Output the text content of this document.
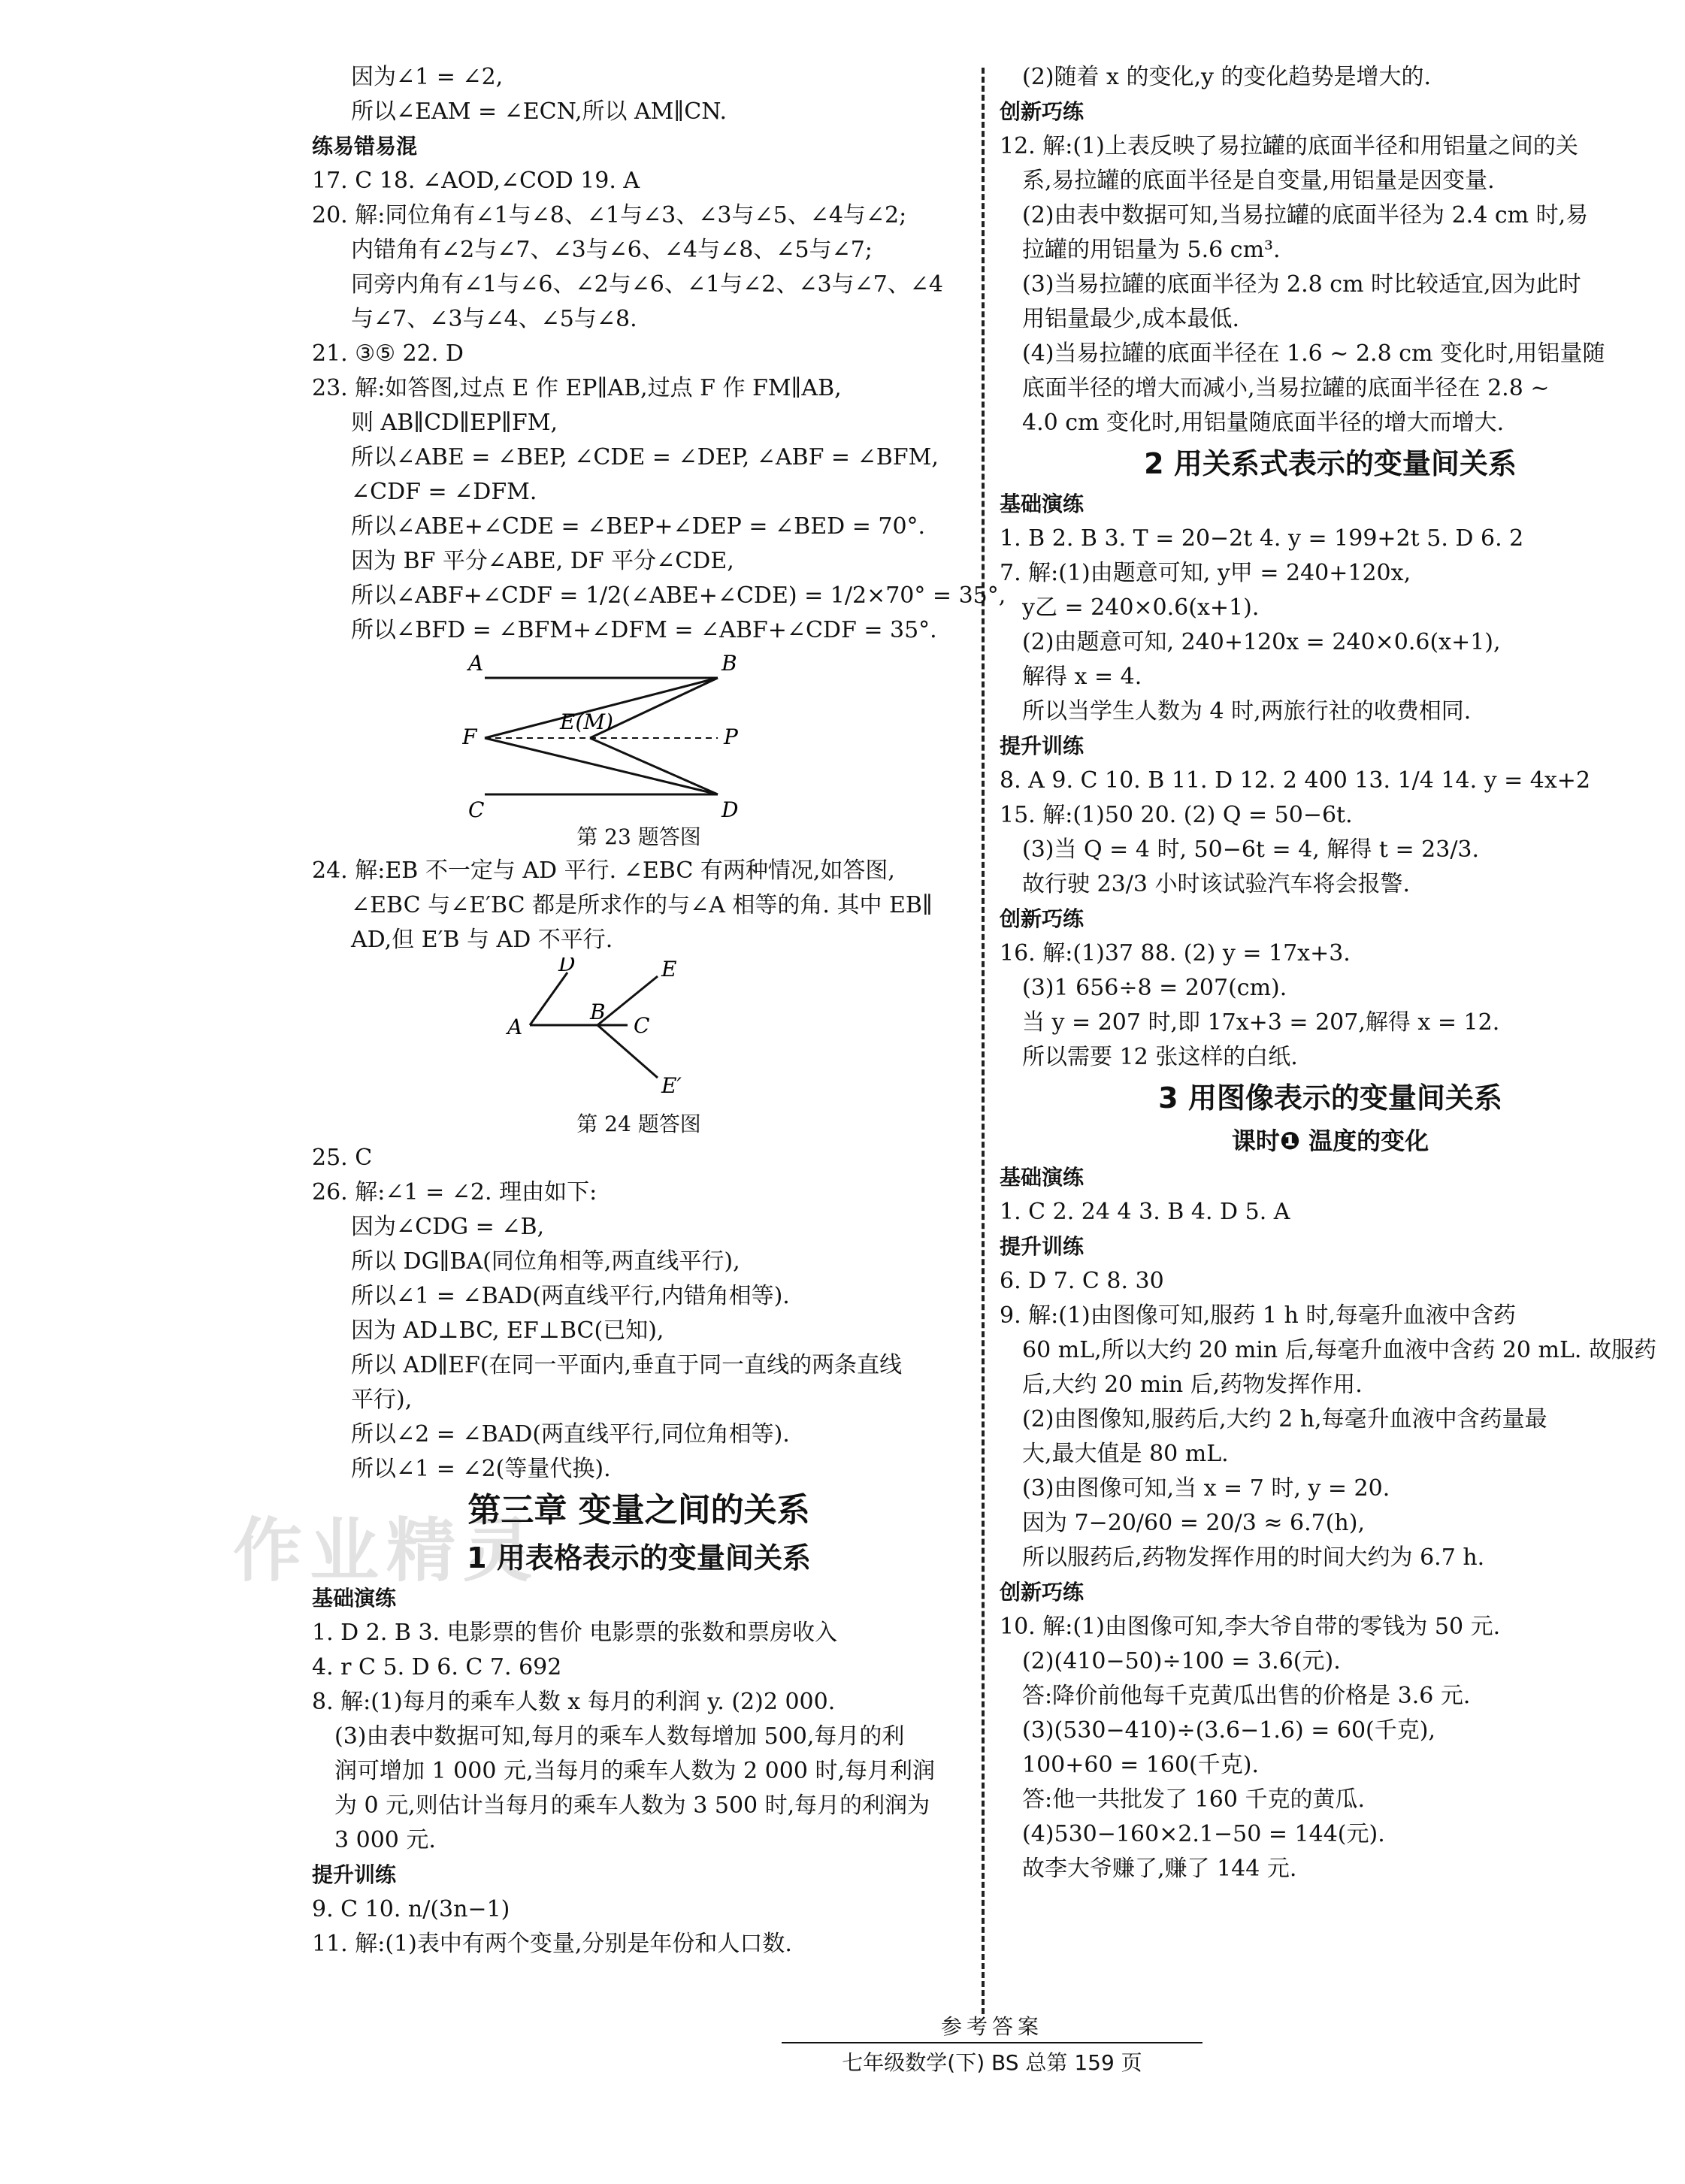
作业精灵
因为∠1 = ∠2,
所以∠EAM = ∠ECN,所以 AM∥CN.
练易错易混
17. C 18. ∠AOD,∠COD 19. A
20. 解:同位角有∠1与∠8、∠1与∠3、∠3与∠5、∠4与∠2;
内错角有∠2与∠7、∠3与∠6、∠4与∠8、∠5与∠7;
同旁内角有∠1与∠6、∠2与∠6、∠1与∠2、∠3与∠7、∠4
与∠7、∠3与∠4、∠5与∠8.
21. ③⑤ 22. D
23. 解:如答图,过点 E 作 EP∥AB,过点 F 作 FM∥AB,
则 AB∥CD∥EP∥FM,
所以∠ABE = ∠BEP, ∠CDE = ∠DEP, ∠ABF = ∠BFM,
∠CDF = ∠DFM.
所以∠ABE+∠CDE = ∠BEP+∠DEP = ∠BED = 70°.
因为 BF 平分∠ABE, DF 平分∠CDE,
所以∠ABF+∠CDF = 1/2(∠ABE+∠CDE) = 1/2×70° = 35°,
所以∠BFD = ∠BFM+∠DFM = ∠ABF+∠CDF = 35°.
A	B
F
E(M)
P
C	D
第 23 题答图
24. 解:EB 不一定与 AD 平行. ∠EBC 有两种情况,如答图,
∠EBC 与∠E′BC 都是所求作的与∠A 相等的角. 其中 EB∥
AD,但 E′B 与 AD 不平行.
A
D
B
E
C
E′
第 24 题答图
25. C
26. 解:∠1 = ∠2. 理由如下:
因为∠CDG = ∠B,
所以 DG∥BA(同位角相等,两直线平行),
所以∠1 = ∠BAD(两直线平行,内错角相等).
因为 AD⊥BC, EF⊥BC(已知),
所以 AD∥EF(在同一平面内,垂直于同一直线的两条直线
平行),
所以∠2 = ∠BAD(两直线平行,同位角相等).
所以∠1 = ∠2(等量代换).
第三章 变量之间的关系
1 用表格表示的变量间关系
基础演练
1. D 2. B 3. 电影票的售价 电影票的张数和票房收入
4. r C 5. D 6. C 7. 692
8. 解:(1)每月的乘车人数 x 每月的利润 y. (2)2 000.
(3)由表中数据可知,每月的乘车人数每增加 500,每月的利
润可增加 1 000 元,当每月的乘车人数为 2 000 时,每月利润
为 0 元,则估计当每月的乘车人数为 3 500 时,每月的利润为
3 000 元.
提升训练
9. C 10. n/(3n−1)
11. 解:(1)表中有两个变量,分别是年份和人口数.
(2)随着 x 的变化,y 的变化趋势是增大的.
创新巧练
12. 解:(1)上表反映了易拉罐的底面半径和用铝量之间的关
系,易拉罐的底面半径是自变量,用铝量是因变量.
(2)由表中数据可知,当易拉罐的底面半径为 2.4 cm 时,易
拉罐的用铝量为 5.6 cm³.
(3)当易拉罐的底面半径为 2.8 cm 时比较适宜,因为此时
用铝量最少,成本最低.
(4)当易拉罐的底面半径在 1.6 ~ 2.8 cm 变化时,用铝量随
底面半径的增大而减小,当易拉罐的底面半径在 2.8 ~
4.0 cm 变化时,用铝量随底面半径的增大而增大.
2 用关系式表示的变量间关系
基础演练
1. B 2. B 3. T = 20−2t 4. y = 199+2t 5. D 6. 2
7. 解:(1)由题意可知, y甲 = 240+120x,
y乙 = 240×0.6(x+1).
(2)由题意可知, 240+120x = 240×0.6(x+1),
解得 x = 4.
所以当学生人数为 4 时,两旅行社的收费相同.
提升训练
8. A 9. C 10. B 11. D 12. 2 400 13. 1/4 14. y = 4x+2
15. 解:(1)50 20. (2) Q = 50−6t.
(3)当 Q = 4 时, 50−6t = 4, 解得 t = 23/3.
故行驶 23/3 小时该试验汽车将会报警.
创新巧练
16. 解:(1)37 88. (2) y = 17x+3.
(3)1 656÷8 = 207(cm).
当 y = 207 时,即 17x+3 = 207,解得 x = 12.
所以需要 12 张这样的白纸.
3 用图像表示的变量间关系
课时❶ 温度的变化
基础演练
1. C 2. 24 4 3. B 4. D 5. A
提升训练
6. D 7. C 8. 30
9. 解:(1)由图像可知,服药 1 h 时,每毫升血液中含药
60 mL,所以大约 20 min 后,每毫升血液中含药 20 mL. 故服药
后,大约 20 min 后,药物发挥作用.
(2)由图像知,服药后,大约 2 h,每毫升血液中含药量最
大,最大值是 80 mL.
(3)由图像可知,当 x = 7 时, y = 20.
因为 7−20/60 = 20/3 ≈ 6.7(h),
所以服药后,药物发挥作用的时间大约为 6.7 h.
创新巧练
10. 解:(1)由图像可知,李大爷自带的零钱为 50 元.
(2)(410−50)÷100 = 3.6(元).
答:降价前他每千克黄瓜出售的价格是 3.6 元.
(3)(530−410)÷(3.6−1.6) = 60(千克),
100+60 = 160(千克).
答:他一共批发了 160 千克的黄瓜.
(4)530−160×2.1−50 = 144(元).
故李大爷赚了,赚了 144 元.
参考答案
七年级数学(下) BS 总第 159 页
